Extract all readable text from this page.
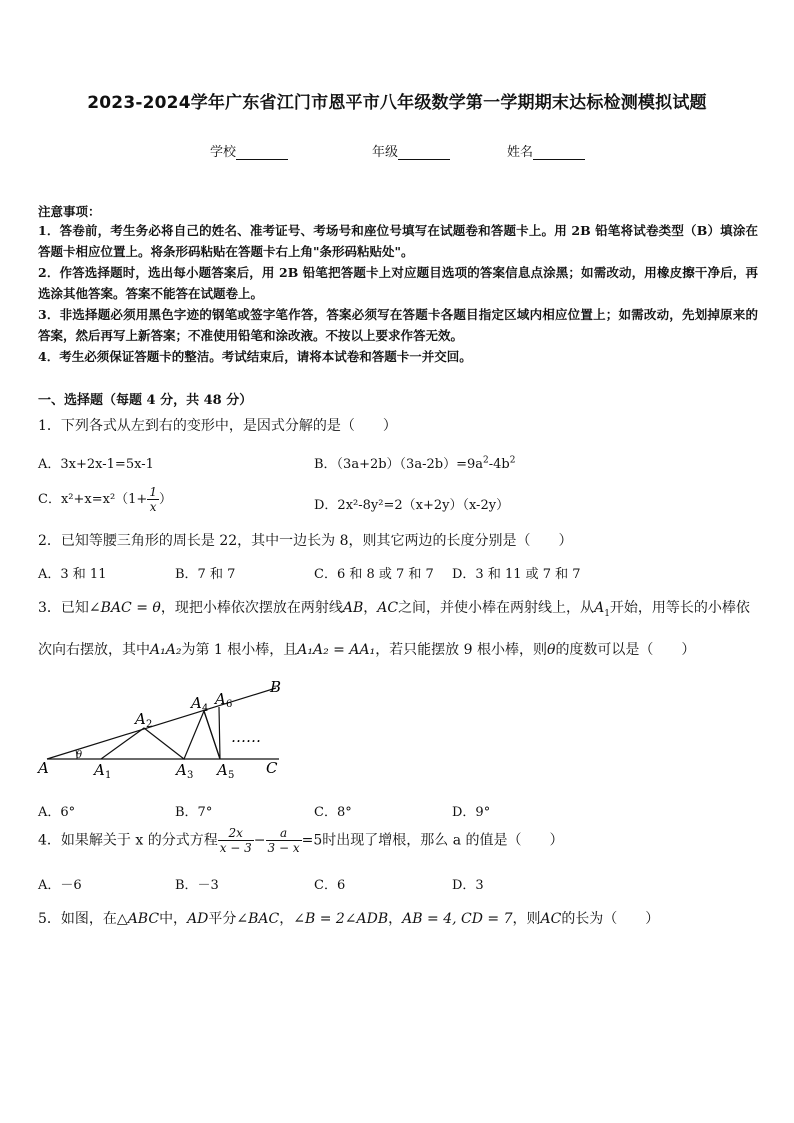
2023-2024学年广东省江门市恩平市八年级数学第一学期期末达标检测模拟试题
学校	年级	姓名
注意事项：
1．答卷前，考生务必将自己的姓名、准考证号、考场号和座位号填写在试题卷和答题卡上。用 2B 铅笔将试卷类型（B）填涂在答题卡相应位置上。将条形码粘贴在答题卡右上角"条形码粘贴处"。
2．作答选择题时，选出每小题答案后，用 2B 铅笔把答题卡上对应题目选项的答案信息点涂黑；如需改动，用橡皮擦干净后，再选涂其他答案。答案不能答在试题卷上。
3．非选择题必须用黑色字迹的钢笔或签字笔作答，答案必须写在答题卡各题目指定区域内相应位置上；如需改动，先划掉原来的答案，然后再写上新答案；不准使用铅笔和涂改液。不按以上要求作答无效。
4．考生必须保证答题卡的整洁。考试结束后，请将本试卷和答题卡一并交回。
一、选择题（每题 4 分，共 48 分）
1．下列各式从左到右的变形中，是因式分解的是（　　）
A．3x+2x-1=5x-1	B．$(3a+2b)(3a-2b)=9a^2-4b^2$
C．$x^2+x=x^2(1+ \frac{1}{x}$ ）	D．2x²-8y²=2（x+2y）（x-2y）
2．已知等腰三角形的周长是 22，其中一边长为 8，则其它两边的长度分别是（　　）
A．3 和 11	B．7 和 7	C．6 和 8 或 7 和 7 D．3 和 11 或 7 和 7
3．已知∠BAC = θ，现把小棒依次摆放在两射线AB，AC之间，并使小棒在两射线上，从$A_1$开始，用等长的小棒依
次向右摆放，其中A₁A₂为第 1 根小棒，且A₁A₂ = AA₁，若只能摆放 9 根小棒，则θ的度数可以是（　　）
……
A
B
C
θ
A 1
A 2
A 3
A 4
A 5
A 6
A．6°	B．7°	C．8°	D．9°
4．如果解关于 x 的分式方程 $\frac{2x}{x - 3} - \frac{a}{3 - x} =5$时出现了增根，那么 a 的值是（　　）
A．－6	B．－3	C．6	D．3
5．如图，在△ABC中，AD平分∠BAC，∠B = 2∠ADB，AB = 4, CD = 7，则AC的长为（　　）
